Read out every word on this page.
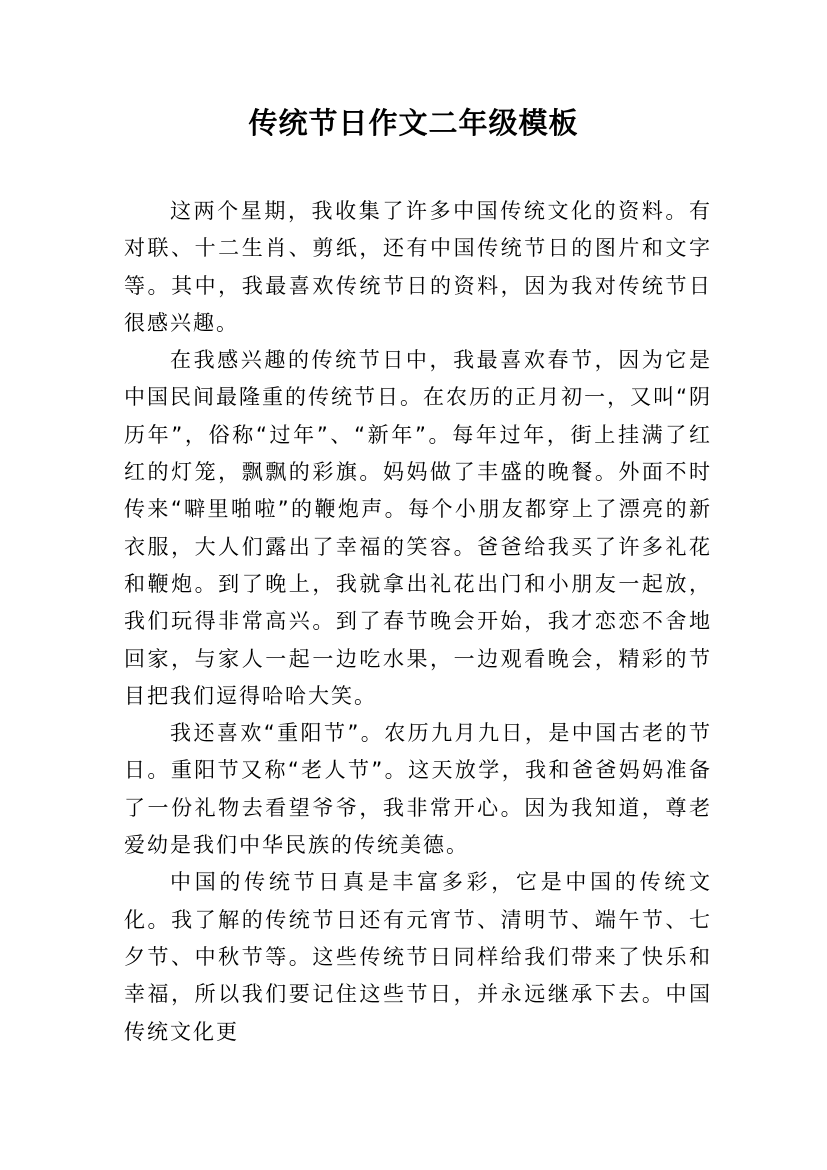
传统节日作文二年级模板

这两个星期，我收集了许多中国传统文化的资料。有对联、十二生肖、剪纸，还有中国传统节日的图片和文字等。其中，我最喜欢传统节日的资料，因为我对传统节日很感兴趣。

在我感兴趣的传统节日中，我最喜欢春节，因为它是中国民间最隆重的传统节日。在农历的正月初一，又叫“阴历年”，俗称“过年”、“新年”。每年过年，街上挂满了红红的灯笼，飘飘的彩旗。妈妈做了丰盛的晚餐。外面不时传来“噼里啪啦”的鞭炮声。每个小朋友都穿上了漂亮的新衣服，大人们露出了幸福的笑容。爸爸给我买了许多礼花和鞭炮。到了晚上，我就拿出礼花出门和小朋友一起放，我们玩得非常高兴。到了春节晚会开始，我才恋恋不舍地回家，与家人一起一边吃水果，一边观看晚会，精彩的节目把我们逗得哈哈大笑。

我还喜欢“重阳节”。农历九月九日，是中国古老的节日。重阳节又称“老人节”。这天放学，我和爸爸妈妈准备了一份礼物去看望爷爷，我非常开心。因为我知道，尊老爱幼是我们中华民族的传统美德。

中国的传统节日真是丰富多彩，它是中国的传统文化。我了解的传统节日还有元宵节、清明节、端午节、七夕节、中秋节等。这些传统节日同样给我们带来了快乐和幸福，所以我们要记住这些节日，并永远继承下去。中国传统文化更
